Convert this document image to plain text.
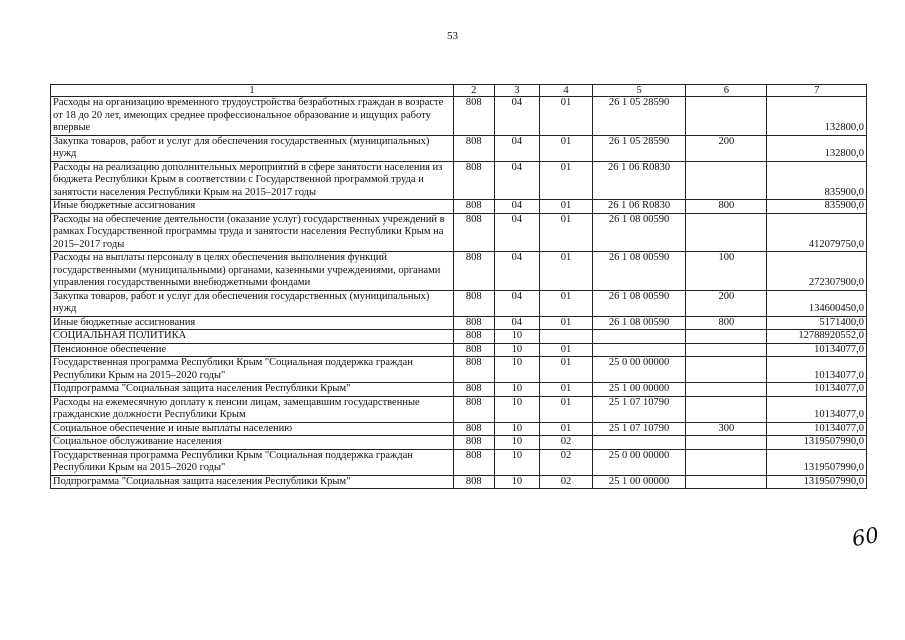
53
1	2	3	4	5	6	7
Расходы на организацию временного трудоустройства безработных граждан в возрасте от 18 до 20 лет, имеющих среднее профессиональное образование и ищущих работу впервые	808	04	01	26 1 05 28590		132800,0
Закупка товаров, работ и услуг для обеспечения государственных (муниципальных) нужд	808	04	01	26 1 05 28590	200	132800,0
Расходы на реализацию дополнительных мероприятий в сфере занятости населения из бюджета Республики Крым в соответствии с Государственной программой труда и занятости населения Республики Крым на 2015–2017 годы	808	04	01	26 1 06 R0830		835900,0
Иные бюджетные ассигнования	808	04	01	26 1 06 R0830	800	835900,0
Расходы на обеспечение деятельности (оказание услуг) государственных учреждений в рамках Государственной программы труда и занятости населения Республики Крым на 2015–2017 годы	808	04	01	26 1 08 00590		412079750,0
Расходы на выплаты персоналу в целях обеспечения выполнения функций государственными (муниципальными) органами, казенными учреждениями, органами управления государственными внебюджетными фондами	808	04	01	26 1 08 00590	100	272307900,0
Закупка товаров, работ и услуг для обеспечения государственных (муниципальных) нужд	808	04	01	26 1 08 00590	200	134600450,0
Иные бюджетные ассигнования	808	04	01	26 1 08 00590	800	5171400,0
СОЦИАЛЬНАЯ ПОЛИТИКА	808	10				12788920552,0
Пенсионное обеспечение	808	10	01			10134077,0
Государственная программа Республики Крым "Социальная поддержка граждан Республики Крым на 2015–2020 годы"	808	10	01	25 0 00 00000		10134077,0
Подпрограмма "Социальная защита населения Республики Крым"	808	10	01	25 1 00 00000		10134077,0
Расходы на ежемесячную доплату к пенсии лицам, замещавшим государственные гражданские должности Республики Крым	808	10	01	25 1 07 10790		10134077,0
Социальное обеспечение и иные выплаты населению	808	10	01	25 1 07 10790	300	10134077,0
Социальное обслуживание населения	808	10	02			1319507990,0
Государственная программа Республики Крым "Социальная поддержка граждан Республики Крым на 2015–2020 годы"	808	10	02	25 0 00 00000		1319507990,0
Подпрограмма "Социальная защита населения Республики Крым"	808	10	02	25 1 00 00000		1319507990,0
60
